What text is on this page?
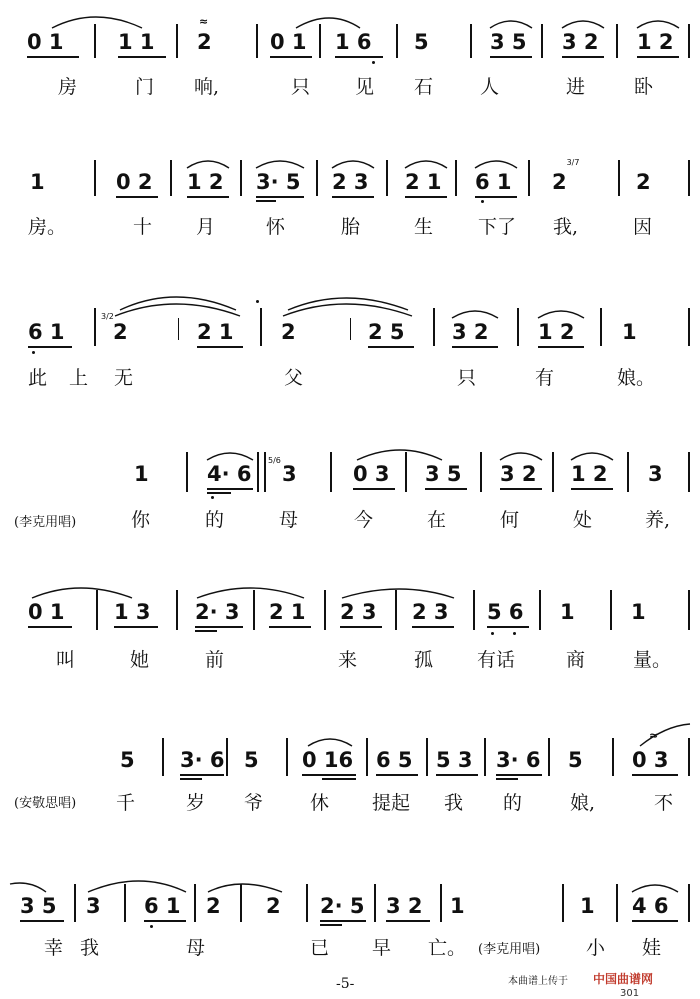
0 1	1 1 2	0 1 1 6 5	3 5 3 2 1 2
≈
房	门 响,	只 见 石 人	进	卧
1	0 2 1 2 3· 5 2 3 2 1 6 1 2	2
3/7
房。	十 月	怀	胎	生 下了 我,	因
6 1 2	2 1 2	2 5 3 2 1 2 1
3/2
此 上 无	父	只	有	娘。
1	4· 6 3	0 3 3 5 3 2 1 2 3
5/6
(李克用唱)	你	的	母	今	在	何	处	养,
0 1 1 3 2· 3 2 1 2 3 2 3 5 6 1	1
叫	她	前	来	孤 有话	商	量。
5 3· 6 5 0 16 6 5 5 3 3· 6 5 0 3
≈
(安敬思唱) 千	岁 爷 休 提起 我 的	娘,	不
3 5 3 6 1 2 2 2· 5 3 2 1	1 4 6
幸 我	母	已 早 亡。 (李克用唱) 小 娃
-5-	本曲谱上传于 中国曲谱网
301
